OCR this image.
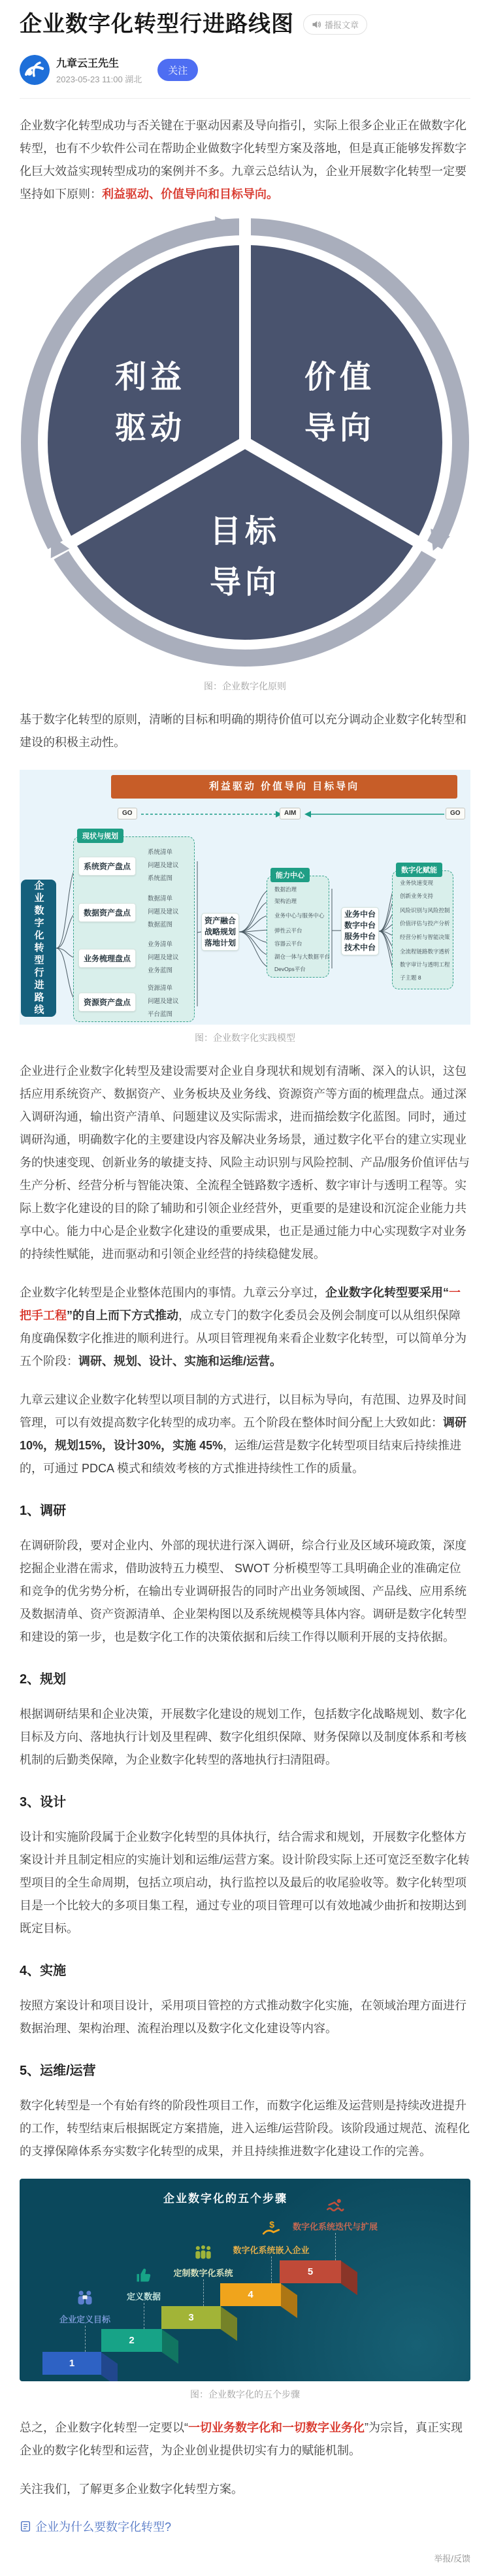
企业数字化转型行进路线图	播报文章
九章云王先生
2023-05-23 11:00 湖北
关注

企业数字化转型成功与否关键在于驱动因素及导向指引，实际上很多企业正在做数字化转型，也有不少软件公司在帮助企业做数字化转型方案及落地，但是真正能够发挥数字化巨大效益实现转型成功的案例并不多。九章云总结认为，企业开展数字化转型一定要坚持如下原则：利益驱动、价值导向和目标导向。

利益
驱动
价值
导向
目标
导向
图：企业数字化原则

基于数字化转型的原则，清晰的目标和明确的期待价值可以充分调动企业数字化转型和建设的积极主动性。

利益驱动 价值导向 目标导向
GO	AIM	GO
企业数字化转型行进路线
现状与规划
系统资产盘点
数据资产盘点
业务梳理盘点
资源资产盘点
系统清单
问题及建议
系统蓝图
数据清单
问题及建议
数据蓝图
业务清单
问题及建议
业务蓝图
资源清单
问题及建议
平台蓝图
资产融合
战略规划
落地计划
能力中心
数据治理
架构治理
业务中心与服务中心
弹性云平台
容器云平台
湖仓一体与大数据平台
DevOps平台
业务中台
数字中台
服务中台
技术中台
数字化赋能
业务快速变现
创新业务支持
风险识别与风险控制
价值评估与投产分析
经营分析与智能决策
全流程链路数字透析
数字审计与透明工程
子主题 8
图：企业数字化实践模型

企业进行企业数字化转型及建设需要对企业自身现状和规划有清晰、深入的认识，这包括应用系统资产、数据资产、业务板块及业务线、资源资产等方面的梳理盘点。通过深入调研沟通，输出资产清单、问题建议及实际需求，进而描绘数字化蓝图。同时，通过调研沟通，明确数字化的主要建设内容及解决业务场景，通过数字化平台的建立实现业务的快速变现、创新业务的敏捷支持、风险主动识别与风险控制、产品/服务价值评估与生产分析、经营分析与智能决策、全流程全链路数字透析、数字审计与透明工程等。实际上数字化建设的目的除了辅助和引领企业经营外，更重要的是建设和沉淀企业能力共享中心。能力中心是企业数字化建设的重要成果，也正是通过能力中心实现数字对业务的持续性赋能，进而驱动和引领企业经营的持续稳健发展。

企业数字化转型是企业整体范围内的事情。九章云分享过，企业数字化转型要采用“一把手工程”的自上而下方式推动，成立专门的数字化委员会及例会制度可以从组织保障角度确保数字化推进的顺利进行。从项目管理视角来看企业数字化转型，可以简单分为五个阶段：调研、规划、设计、实施和运维/运营。

九章云建议企业数字化转型以项目制的方式进行，以目标为导向，有范围、边界及时间管理，可以有效提高数字化转型的成功率。五个阶段在整体时间分配上大致如此：调研10%，规划15%，设计30%，实施 45%，运维/运营是数字化转型项目结束后持续推进的，可通过 PDCA 模式和绩效考核的方式推进持续性工作的质量。

1、调研

在调研阶段，要对企业内、外部的现状进行深入调研，综合行业及区域环境政策，深度挖掘企业潜在需求，借助波特五力模型、 SWOT 分析模型等工具明确企业的准确定位和竞争的优劣势分析，在输出专业调研报告的同时产出业务领域图、产品线、应用系统及数据清单、资产资源清单、企业架构图以及系统规模等具体内容。调研是数字化转型和建设的第一步，也是数字化工作的决策依据和后续工作得以顺利开展的支持依据。

2、规划

根据调研结果和企业决策，开展数字化建设的规划工作，包括数字化战略规划、数字化目标及方向、落地执行计划及里程碑、数字化组织保障、财务保障以及制度体系和考核机制的后勤类保障，为企业数字化转型的落地执行扫清阻碍。

3、设计

设计和实施阶段属于企业数字化转型的具体执行，结合需求和规划，开展数字化整体方案设计并且制定相应的实施计划和运维/运营方案。设计阶段实际上还可宽泛至数字化转型项目的全生命周期，包括立项启动，执行监控以及最后的收尾验收等。数字化转型项目是一个比较大的多项目集工程，通过专业的项目管理可以有效地减少曲折和按期达到既定目标。

4、实施

按照方案设计和项目设计，采用项目管控的方式推动数字化实施，在领域治理方面进行数据治理、架构治理、流程治理以及数字化文化建设等内容。

5、运维/运营

数字化转型是一个有始有终的阶段性项目工作，而数字化运维及运营则是持续改进提升的工作，转型结束后根据既定方案措施，进入运维/运营阶段。该阶段通过规范、流程化的支撑保障体系夯实数字化转型的成果，并且持续推进数字化建设工作的完善。

企业数字化的五个步骤
1
2
3
4
5
企业定义目标
定义数据
定制数字化系统
数字化系统嵌入企业
数字化系统迭代与扩展
$
图：企业数字化的五个步骤

总之，企业数字化转型一定要以“一切业务数字化和一切数字业务化”为宗旨，真正实现企业的数字化转型和运营，为企业创业提供切实有力的赋能机制。

关注我们，了解更多企业数字化转型方案。

企业为什么要数字化转型?
举报/反馈
